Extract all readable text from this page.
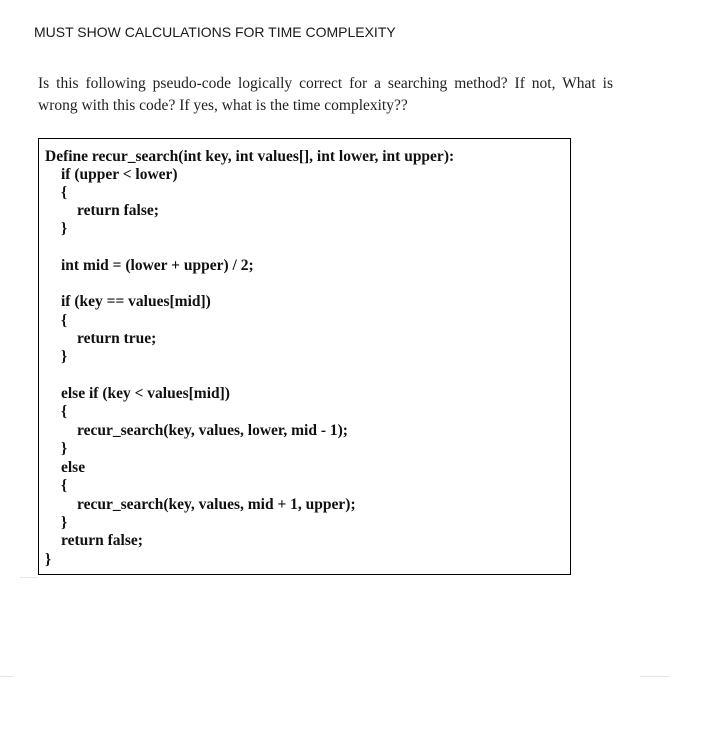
MUST SHOW CALCULATIONS FOR TIME COMPLEXITY
Is this following pseudo-code logically correct for a searching method? If not, What is
wrong with this code? If yes, what is the time complexity??
Define recur_search(int key, int values[], int lower, int upper):
if (upper < lower)
{
return false;
}
int mid = (lower + upper) / 2;
if (key == values[mid])
{
return true;
}
else if (key < values[mid])
{
recur_search(key, values, lower, mid - 1);
}
else
{
recur_search(key, values, mid + 1, upper);
}
return false;
}
